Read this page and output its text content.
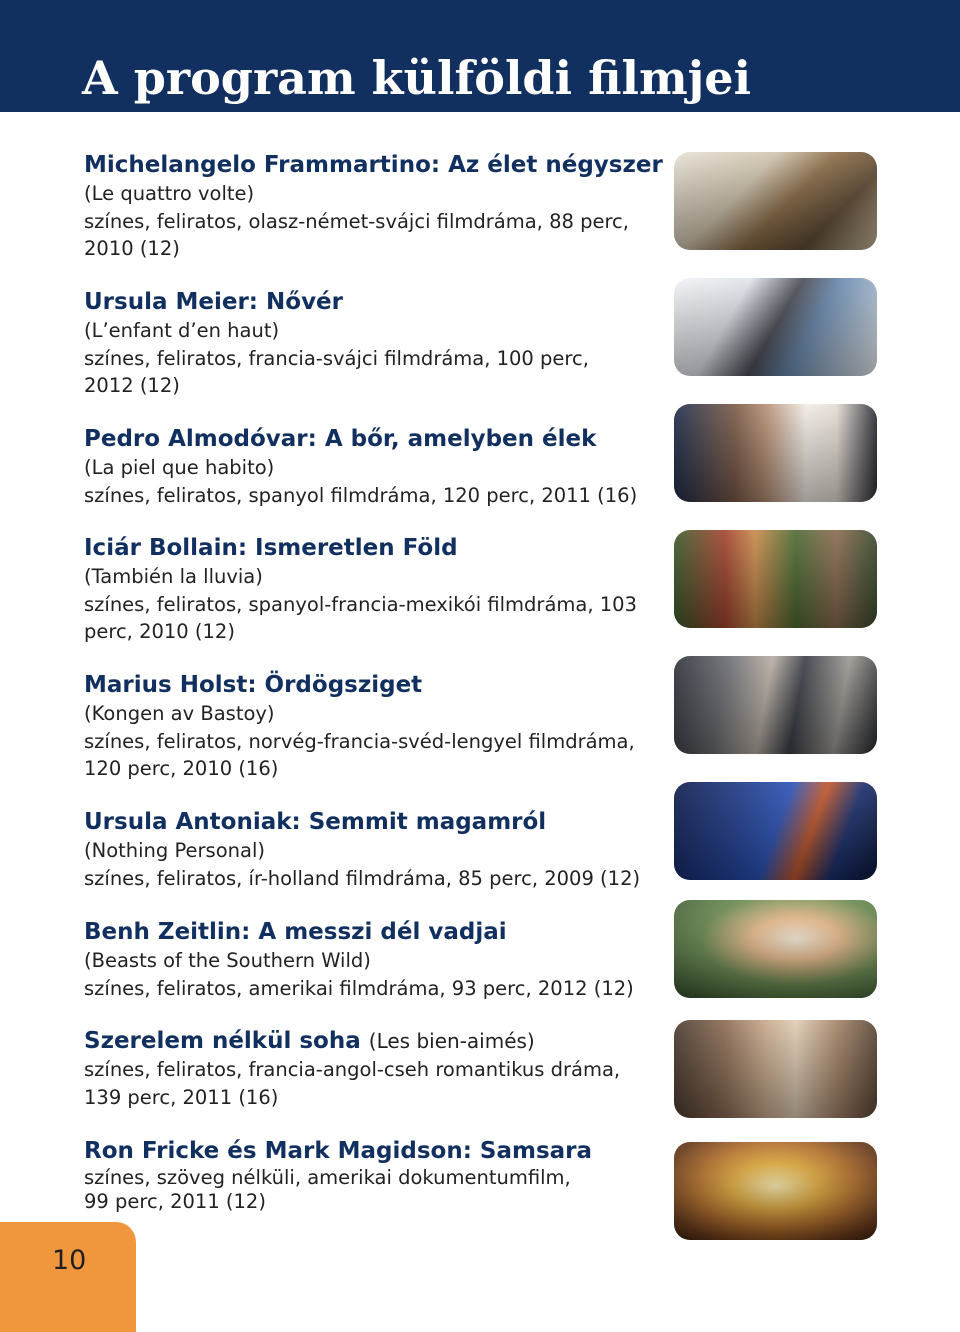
A program külföldi filmjei
Michelangelo Frammartino: Az élet négyszer
(Le quattro volte)
színes, feliratos, olasz-német-svájci filmdráma, 88 perc,
2010 (12)
Ursula Meier: Nővér
(L’enfant d’en haut)
színes, feliratos, francia-svájci filmdráma, 100 perc,
2012 (12)
Pedro Almodóvar: A bőr, amelyben élek
(La piel que habito)
színes, feliratos, spanyol filmdráma, 120 perc, 2011 (16)
Iciár Bollain: Ismeretlen Föld
(También la lluvia)
színes, feliratos, spanyol-francia-mexikói filmdráma, 103
perc, 2010 (12)
Marius Holst: Ördögsziget
(Kongen av Bastoy)
színes, feliratos, norvég-francia-svéd-lengyel filmdráma,
120 perc, 2010 (16)
Ursula Antoniak: Semmit magamról
(Nothing Personal)
színes, feliratos, ír-holland filmdráma, 85 perc, 2009 (12)
Benh Zeitlin: A messzi dél vadjai
(Beasts of the Southern Wild)
színes, feliratos, amerikai filmdráma, 93 perc, 2012 (12)
Szerelem nélkül soha (Les bien-aimés)
színes, feliratos, francia-angol-cseh romantikus dráma,
139 perc, 2011 (16)
Ron Fricke és Mark Magidson: Samsara
színes, szöveg nélküli, amerikai dokumentumfilm,
99 perc, 2011 (12)
10
